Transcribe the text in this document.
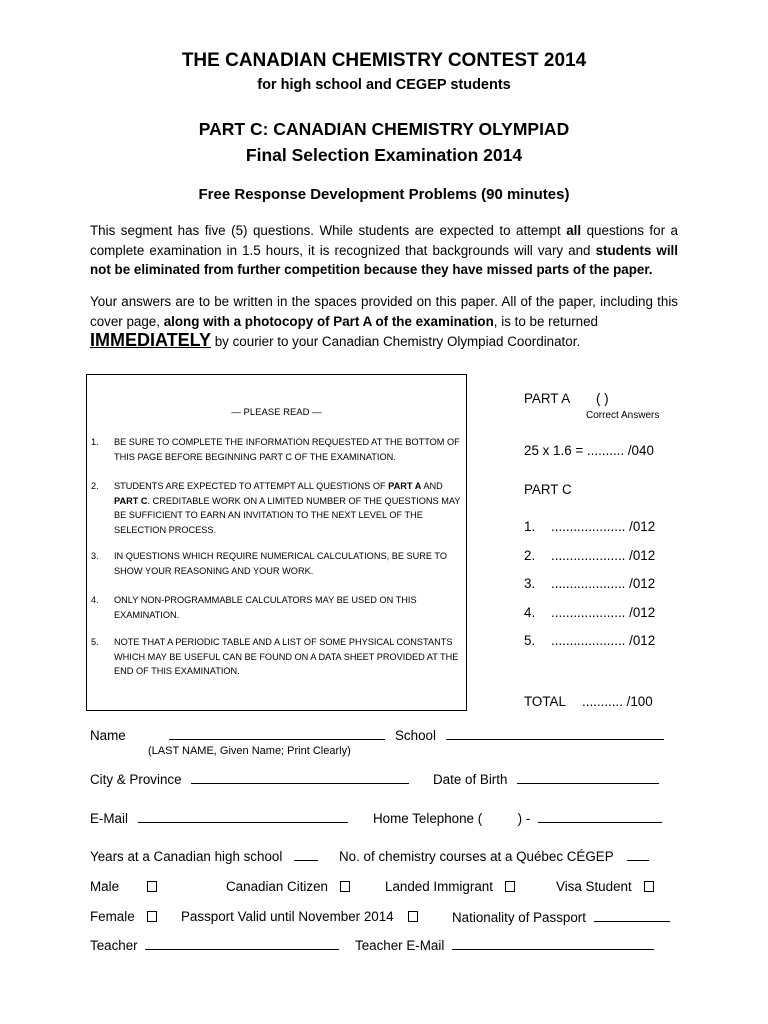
THE CANADIAN CHEMISTRY CONTEST 2014
for high school and CEGEP students
PART C: CANADIAN CHEMISTRY OLYMPIAD
Final Selection Examination 2014
Free Response Development Problems (90 minutes)
This segment has five (5) questions. While students are expected to attempt all questions for a complete examination in 1.5 hours, it is recognized that backgrounds will vary and students will not be eliminated from further competition because they have missed parts of the paper.
Your answers are to be written in the spaces provided on this paper. All of the paper, including this cover page, along with a photocopy of Part A of the examination, is to be returned
IMMEDIATELY by courier to your Canadian Chemistry Olympiad Coordinator.
— PLEASE READ —
1. BE SURE TO COMPLETE THE INFORMATION REQUESTED AT THE BOTTOM OF THIS PAGE BEFORE BEGINNING PART C OF THE EXAMINATION.
2. STUDENTS ARE EXPECTED TO ATTEMPT ALL QUESTIONS OF PART A AND PART C. CREDITABLE WORK ON A LIMITED NUMBER OF THE QUESTIONS MAY BE SUFFICIENT TO EARN AN INVITATION TO THE NEXT LEVEL OF THE SELECTION PROCESS.
3. IN QUESTIONS WHICH REQUIRE NUMERICAL CALCULATIONS, BE SURE TO SHOW YOUR REASONING AND YOUR WORK.
4. ONLY NON-PROGRAMMABLE CALCULATORS MAY BE USED ON THIS EXAMINATION.
5. NOTE THAT A PERIODIC TABLE AND A LIST OF SOME PHYSICAL CONSTANTS WHICH MAY BE USEFUL CAN BE FOUND ON A DATA SHEET PROVIDED AT THE END OF THIS EXAMINATION.
PART A ( )
Correct Answers
25 x 1.6 = .......... /040
PART C
1. .................... /012
2. .................... /012
3. .................... /012
4. .................... /012
5. .................... /012
TOTAL ........... /100
Name
(LAST NAME, Given Name; Print Clearly)
School
City & Province	Date of Birth
E-Mail	Home Telephone (	) -
Years at a Canadian high school	No. of chemistry courses at a Québec CÉGEP
Male	Canadian Citizen	Landed Immigrant	Visa Student
Female	Passport Valid until November 2014	Nationality of Passport
Teacher	Teacher E-Mail
